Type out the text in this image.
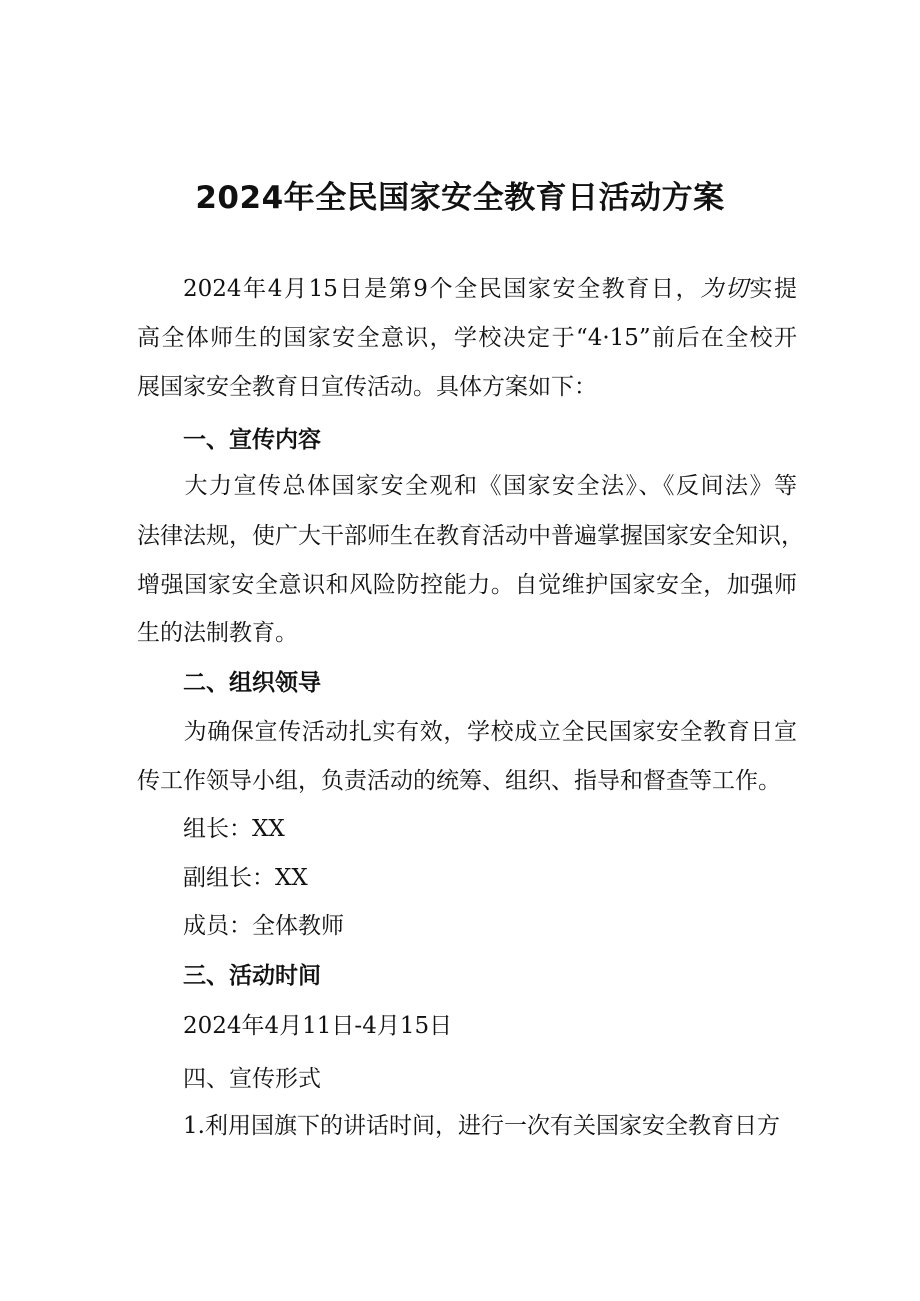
2024年全民国家安全教育日活动方案
2024年4月15日是第9个全民国家安全教育日，为切实提
高全体师生的国家安全意识，学校决定于“4·15”前后在全校开
展国家安全教育日宣传活动。具体方案如下：
一、宣传内容
大力宣传总体国家安全观和《国家安全法》、《反间法》等
法律法规，使广大干部师生在教育活动中普遍掌握国家安全知识，
增强国家安全意识和风险防控能力。自觉维护国家安全，加强师
生的法制教育。
二、组织领导
为确保宣传活动扎实有效，学校成立全民国家安全教育日宣
传工作领导小组，负责活动的统筹、组织、指导和督查等工作。
组长：XX
副组长：XX
成员：全体教师
三、活动时间
2024年4月11日-4月15日
四、宣传形式
1.利用国旗下的讲话时间，进行一次有关国家安全教育日方
